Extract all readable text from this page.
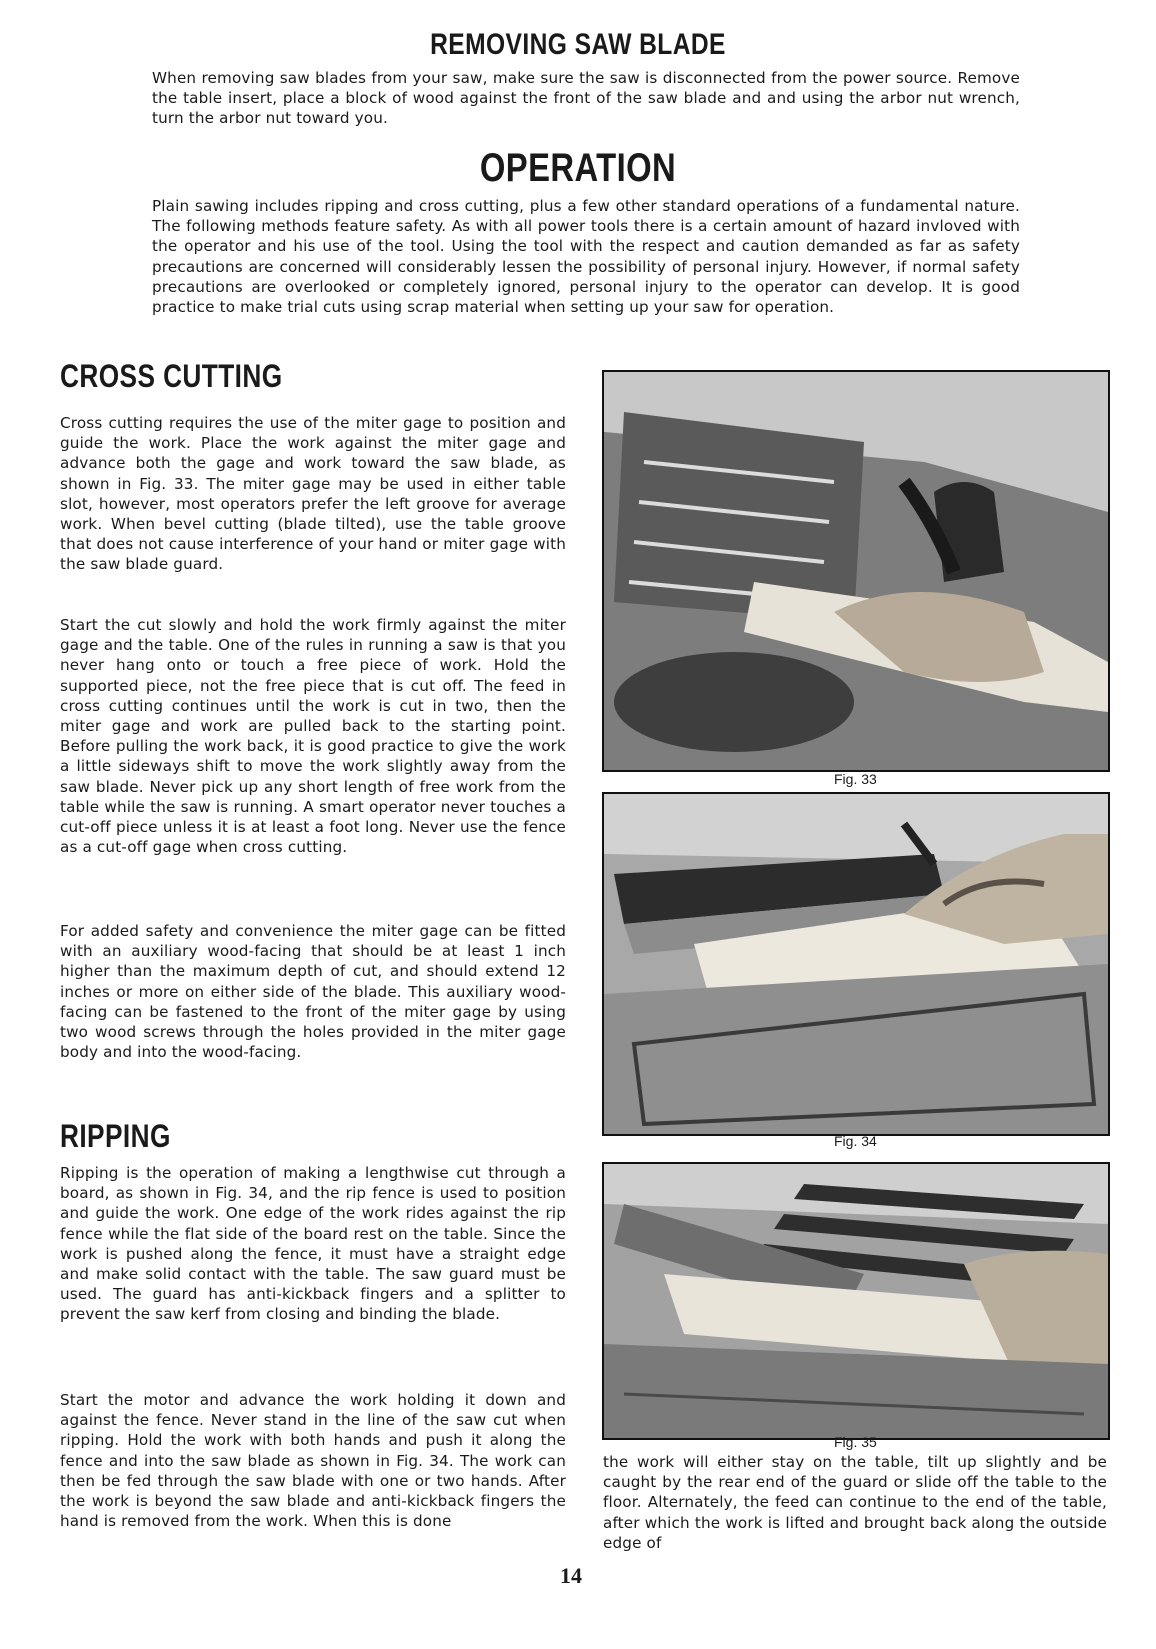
REMOVING SAW BLADE

When removing saw blades from your saw, make sure the saw is disconnected from the power source. Remove the table insert, place a block of wood against the front of the saw blade and and using the arbor nut wrench, turn the arbor nut toward you.

OPERATION

Plain sawing includes ripping and cross cutting, plus a few other standard operations of a fundamental nature. The following methods feature safety. As with all power tools there is a certain amount of hazard invloved with the operator and his use of the tool. Using the tool with the respect and caution demanded as far as safety precautions are concerned will considerably lessen the possibility of personal injury. However, if normal safety precautions are overlooked or completely ignored, personal injury to the operator can develop. It is good practice to make trial cuts using scrap material when setting up your saw for operation.

CROSS CUTTING

Cross cutting requires the use of the miter gage to position and guide the work. Place the work against the miter gage and advance both the gage and work toward the saw blade, as shown in Fig. 33. The miter gage may be used in either table slot, however, most operators prefer the left groove for average work. When bevel cutting (blade tilted), use the table groove that does not cause interference of your hand or miter gage with the saw blade guard.

Start the cut slowly and hold the work firmly against the miter gage and the table. One of the rules in running a saw is that you never hang onto or touch a free piece of work. Hold the supported piece, not the free piece that is cut off. The feed in cross cutting continues until the work is cut in two, then the miter gage and work are pulled back to the starting point. Before pulling the work back, it is good practice to give the work a little sideways shift to move the work slightly away from the saw blade. Never pick up any short length of free work from the table while the saw is running. A smart operator never touches a cut-off piece unless it is at least a foot long. Never use the fence as a cut-off gage when cross cutting.

For added safety and convenience the miter gage can be fitted with an auxiliary wood-facing that should be at least 1 inch higher than the maximum depth of cut, and should extend 12 inches or more on either side of the blade. This auxiliary wood-facing can be fastened to the front of the miter gage by using two wood screws through the holes provided in the miter gage body and into the wood-facing.

RIPPING

Ripping is the operation of making a lengthwise cut through a board, as shown in Fig. 34, and the rip fence is used to position and guide the work. One edge of the work rides against the rip fence while the flat side of the board rest on the table. Since the work is pushed along the fence, it must have a straight edge and make solid contact with the table. The saw guard must be used. The guard has anti-kickback fingers and a splitter to prevent the saw kerf from closing and binding the blade.

Start the motor and advance the work holding it down and against the fence. Never stand in the line of the saw cut when ripping. Hold the work with both hands and push it along the fence and into the saw blade as shown in Fig. 34. The work can then be fed through the saw blade with one or two hands. After the work is beyond the saw blade and anti-kickback fingers the hand is removed from the work. When this is done

Fig. 33
Fig. 34
Fig. 35

the work will either stay on the table, tilt up slightly and be caught by the rear end of the guard or slide off the table to the floor. Alternately, the feed can continue to the end of the table, after which the work is lifted and brought back along the outside edge of

14
